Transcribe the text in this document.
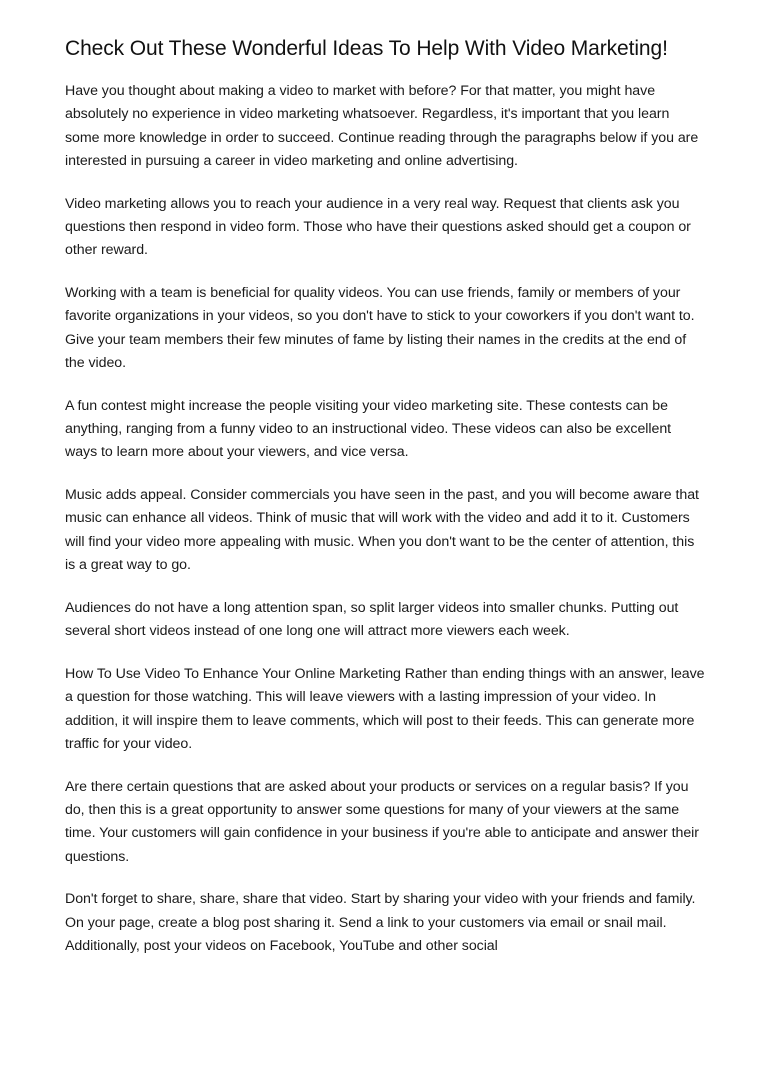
Check Out These Wonderful Ideas To Help With Video Marketing!

Have you thought about making a video to market with before? For that matter, you might have absolutely no experience in video marketing whatsoever. Regardless, it's important that you learn some more knowledge in order to succeed. Continue reading through the paragraphs below if you are interested in pursuing a career in video marketing and online advertising.

Video marketing allows you to reach your audience in a very real way. Request that clients ask you questions then respond in video form. Those who have their questions asked should get a coupon or other reward.

Working with a team is beneficial for quality videos. You can use friends, family or members of your favorite organizations in your videos, so you don't have to stick to your coworkers if you don't want to. Give your team members their few minutes of fame by listing their names in the credits at the end of the video.

A fun contest might increase the people visiting your video marketing site. These contests can be anything, ranging from a funny video to an instructional video. These videos can also be excellent ways to learn more about your viewers, and vice versa.

Music adds appeal. Consider commercials you have seen in the past, and you will become aware that music can enhance all videos. Think of music that will work with the video and add it to it. Customers will find your video more appealing with music. When you don't want to be the center of attention, this is a great way to go.

Audiences do not have a long attention span, so split larger videos into smaller chunks. Putting out several short videos instead of one long one will attract more viewers each week.

How To Use Video To Enhance Your Online Marketing Rather than ending things with an answer, leave a question for those watching. This will leave viewers with a lasting impression of your video. In addition, it will inspire them to leave comments, which will post to their feeds. This can generate more traffic for your video.

Are there certain questions that are asked about your products or services on a regular basis? If you do, then this is a great opportunity to answer some questions for many of your viewers at the same time. Your customers will gain confidence in your business if you're able to anticipate and answer their questions.

Don't forget to share, share, share that video. Start by sharing your video with your friends and family. On your page, create a blog post sharing it. Send a link to your customers via email or snail mail. Additionally, post your videos on Facebook, YouTube and other social
